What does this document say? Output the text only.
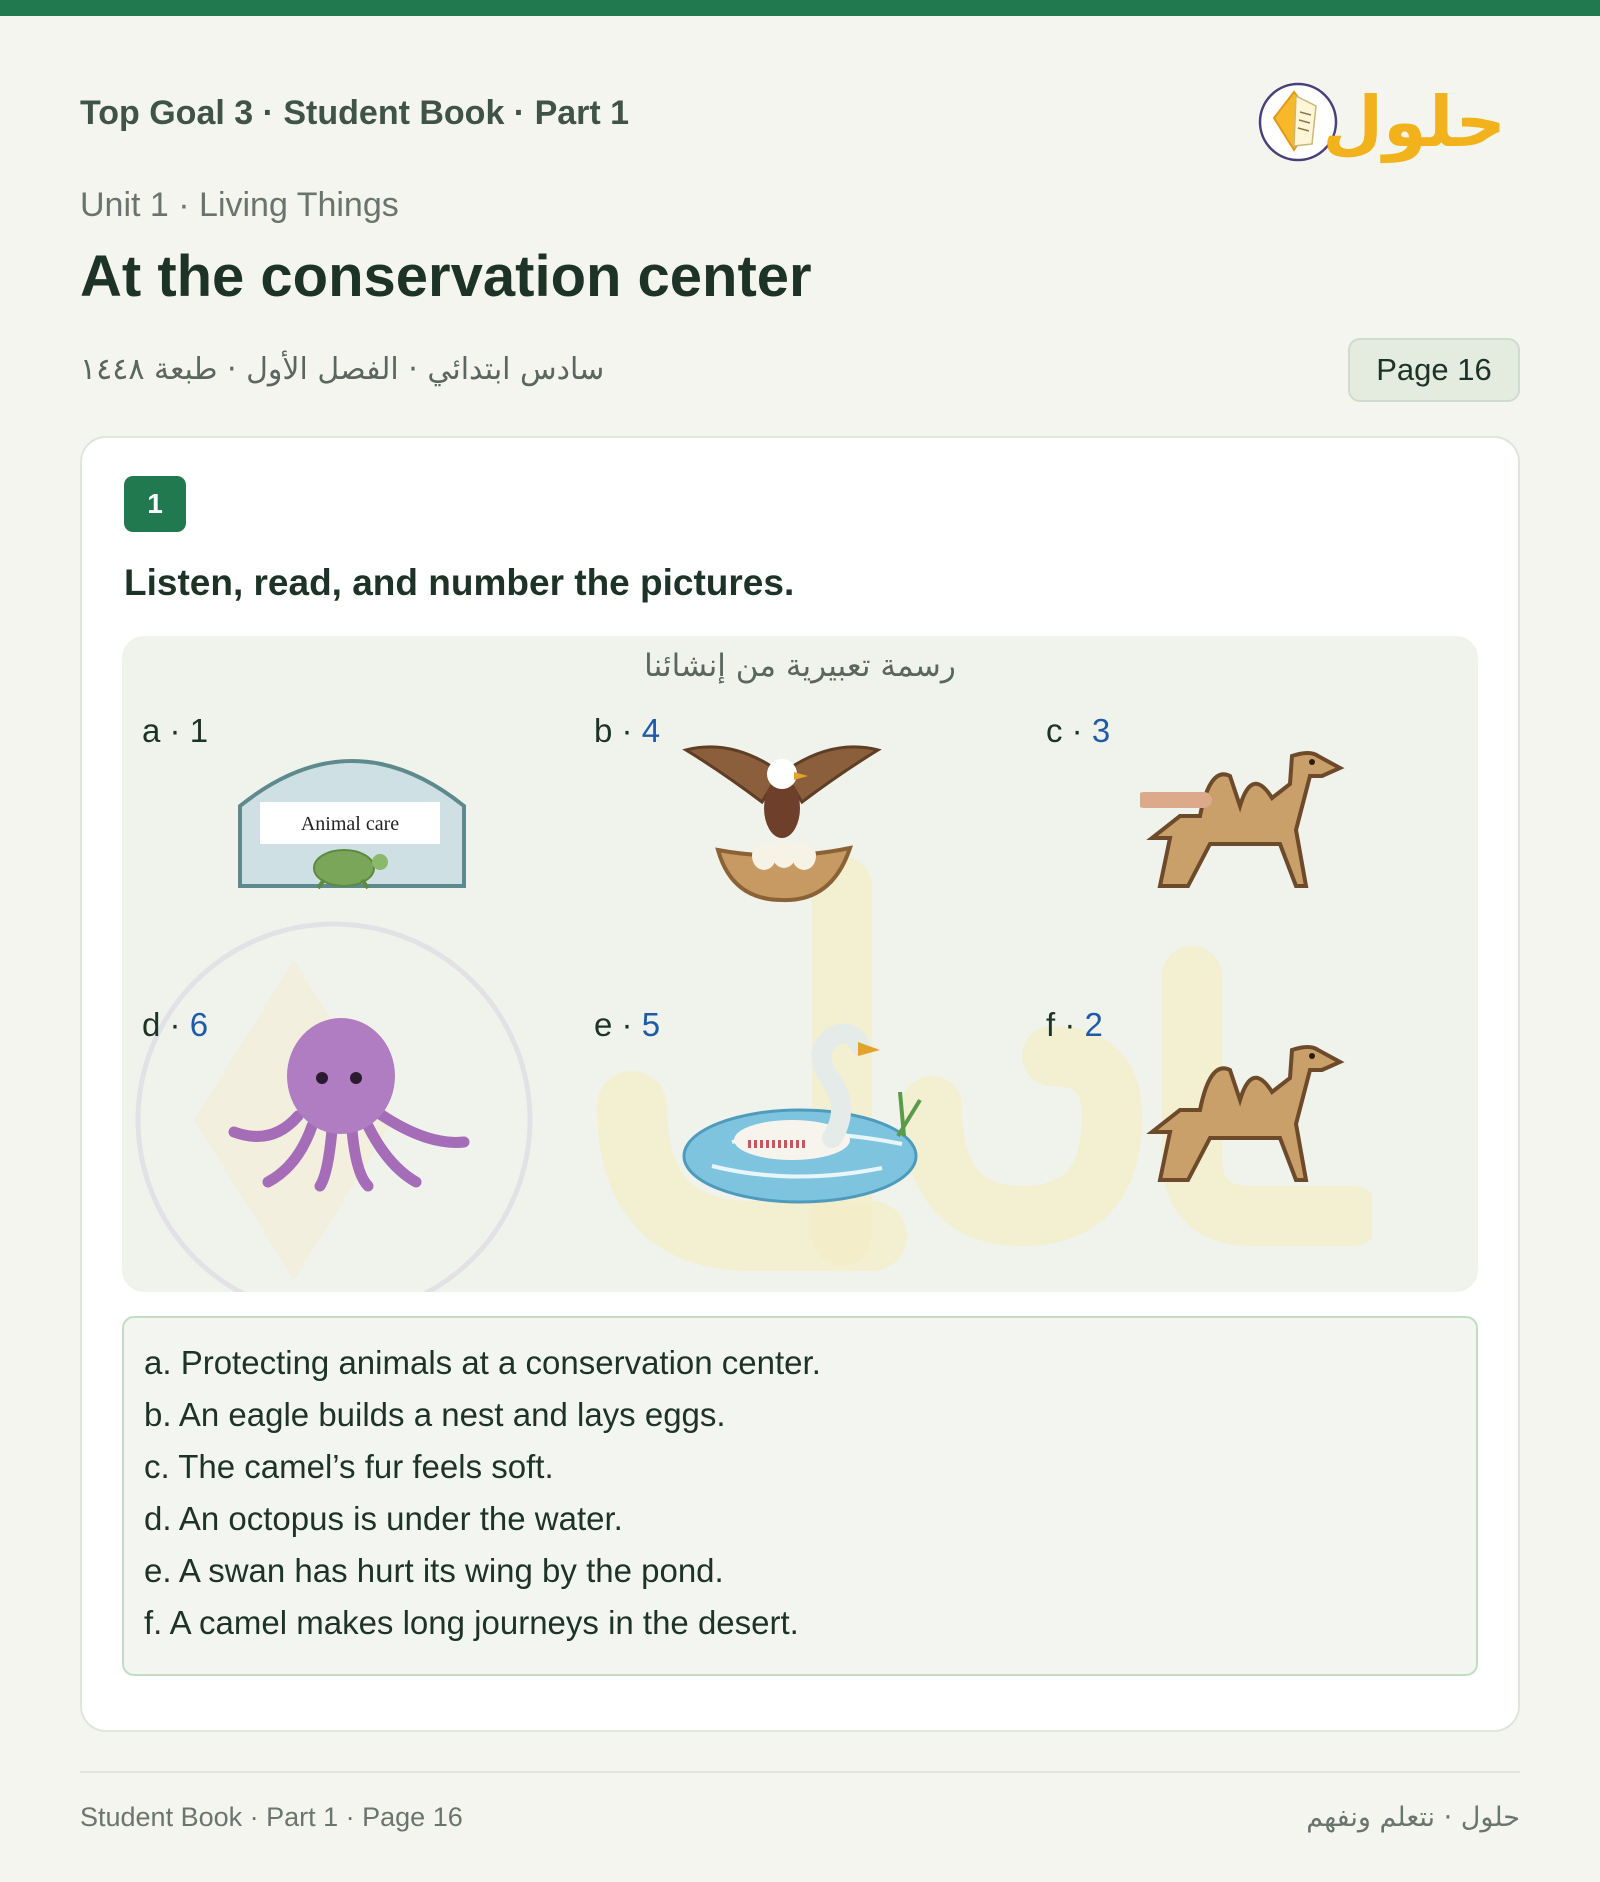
Top Goal 3 · Student Book · Part 1	حلول
Unit 1 · Living Things
At the conservation center
سادس ابتدائي · الفصل الأول · طبعة ١٤٤٨	Page 16
1
Listen, read, and number the pictures.
رسمة تعبيرية من إنشائنا
a · 1	b · 4	c · 3
d · 6	e · 5	f · 2
Animal care
a. Protecting animals at a conservation center.
b. An eagle builds a nest and lays eggs.
c. The camel’s fur feels soft.
d. An octopus is under the water.
e. A swan has hurt its wing by the pond.
f. A camel makes long journeys in the desert.
Student Book · Part 1 · Page 16	حلول · نتعلم ونفهم
